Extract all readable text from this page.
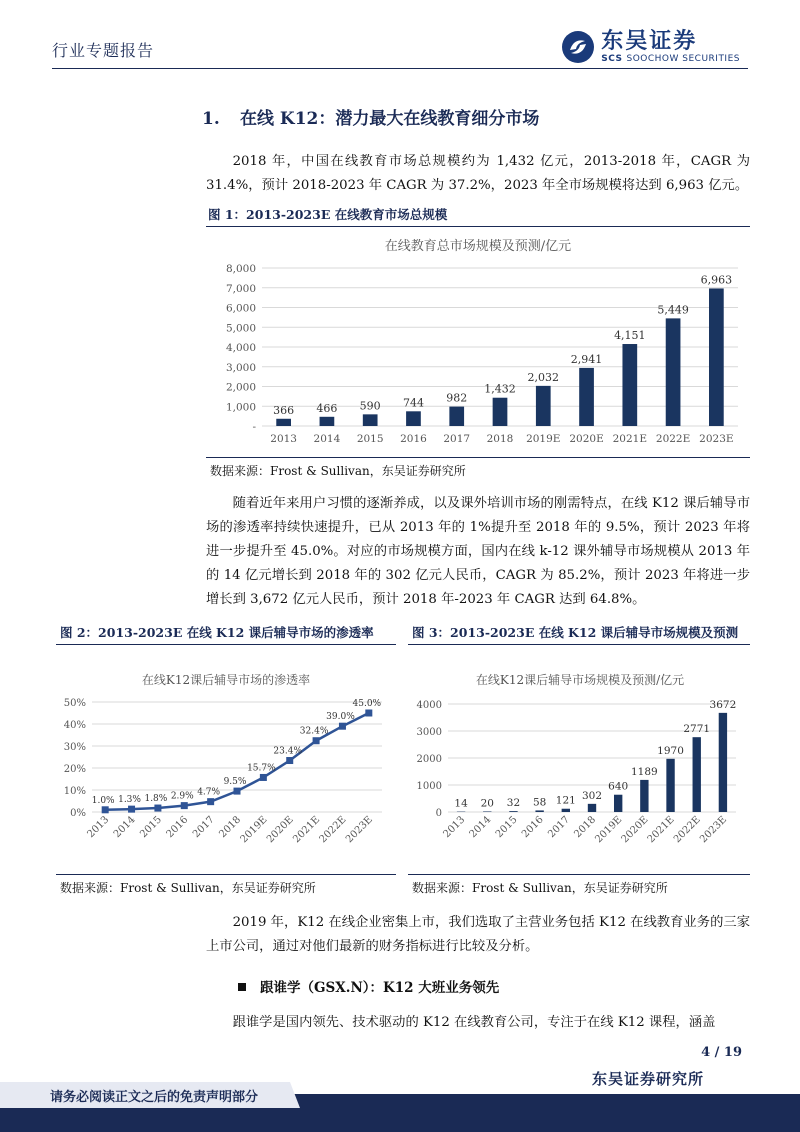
行业专题报告	东吴证券
SCS SOOCHOW SECURITIES
1. 在线 K12：潜力最大在线教育细分市场
2018 年，中国在线教育市场总规模约为 1,432 亿元，2013-2018 年，CAGR 为 31.4%，预计 2018-2023 年 CAGR 为 37.2%，2023 年全市场规模将达到 6,963 亿元。
图 1：2013-2023E 在线教育市场总规模
在线教育总市场规模及预测/亿元
-
1,000
2,000
3,000
4,000
5,000
6,000
7,000
8,000
2013 2014 2015 2016 2017 2018 2019E 2020E 2021E 2022E 2023E
366 466 590 744 982
1,432
2,032
2,941
4,151
5,449
6,963
数据来源：Frost & Sullivan，东吴证券研究所
随着近年来用户习惯的逐渐养成，以及课外培训市场的刚需特点，在线 K12 课后辅导市场的渗透率持续快速提升，已从 2013 年的 1%提升至 2018 年的 9.5%，预计 2023 年将进一步提升至 45.0%。对应的市场规模方面，国内在线 k-12 课外辅导市场规模从 2013 年的 14 亿元增长到 2018 年的 302 亿元人民币，CAGR 为 85.2%，预计 2023 年将进一步增长到 3,672 亿元人民币，预计 2018 年-2023 年 CAGR 达到 64.8%。
图 2：2013-2023E 在线 K12 课后辅导市场的渗透率	图 3：2013-2023E 在线 K12 课后辅导市场规模及预测
在线K12课后辅导市场的渗透率
0%
10%
20%
30%
40%
50%
2013 2014 2015 2016 2017 2018
2019E
2020E
2021E
2022E
2023E
1.0% 1.3% 1.8% 2.9% 4.7%
9.5%
15.7%
23.4%
32.4%
39.0%
45.0%
在线K12课后辅导市场规模及预测/亿元
0
1000
2000
3000
4000
2013 2014 2015 2016 2017 2018
2019E
2020E
2021E
2022E
2023E
14 20 32 58 121 302
640
1189
1970
2771
3672
数据来源：Frost & Sullivan，东吴证券研究所	数据来源：Frost & Sullivan，东吴证券研究所
2019 年，K12 在线企业密集上市，我们选取了主营业务包括 K12 在线教育业务的三家上市公司，通过对他们最新的财务指标进行比较及分析。
跟谁学（GSX.N）：K12 大班业务领先
跟谁学是国内领先、技术驱动的 K12 在线教育公司，专注于在线 K12 课程，涵盖
4 / 19
东吴证券研究所
请务必阅读正文之后的免责声明部分
